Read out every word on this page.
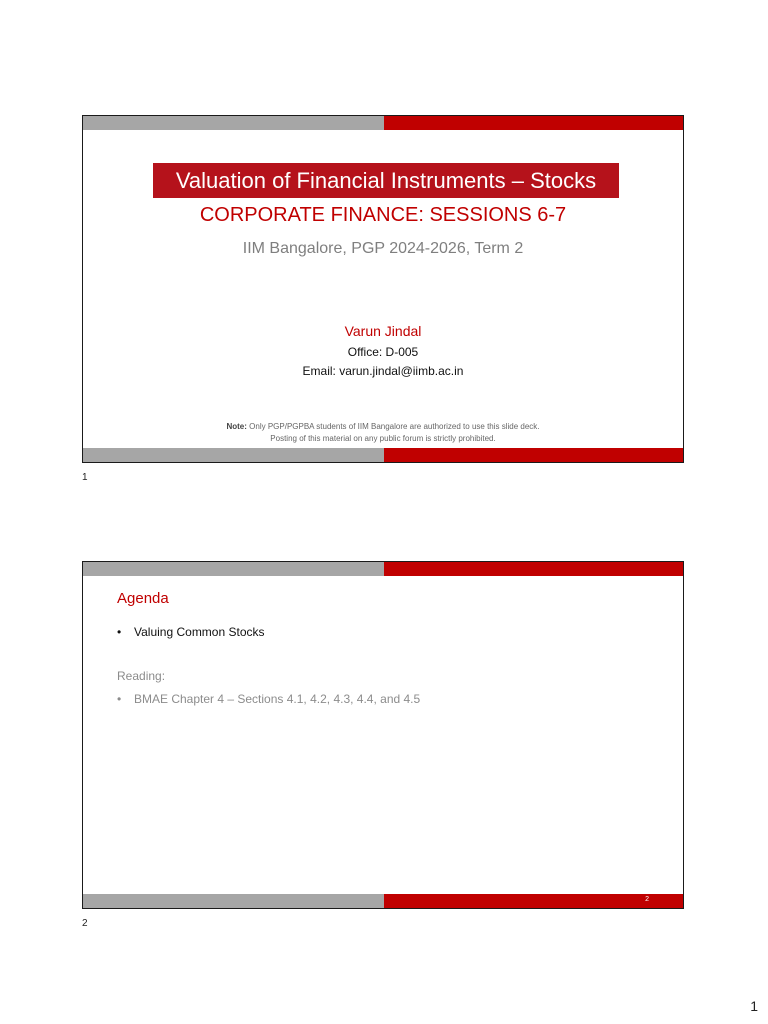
Valuation of Financial Instruments – Stocks
CORPORATE FINANCE: SESSIONS 6-7
IIM Bangalore, PGP 2024-2026, Term 2
Varun Jindal
Office: D-005
Email: varun.jindal@iimb.ac.in
Note: Only PGP/PGPBA students of IIM Bangalore are authorized to use this slide deck.
Posting of this material on any public forum is strictly prohibited.
1
Agenda
• Valuing Common Stocks
Reading:
• BMAE Chapter 4 – Sections 4.1, 4.2, 4.3, 4.4, and 4.5
2
2
1
